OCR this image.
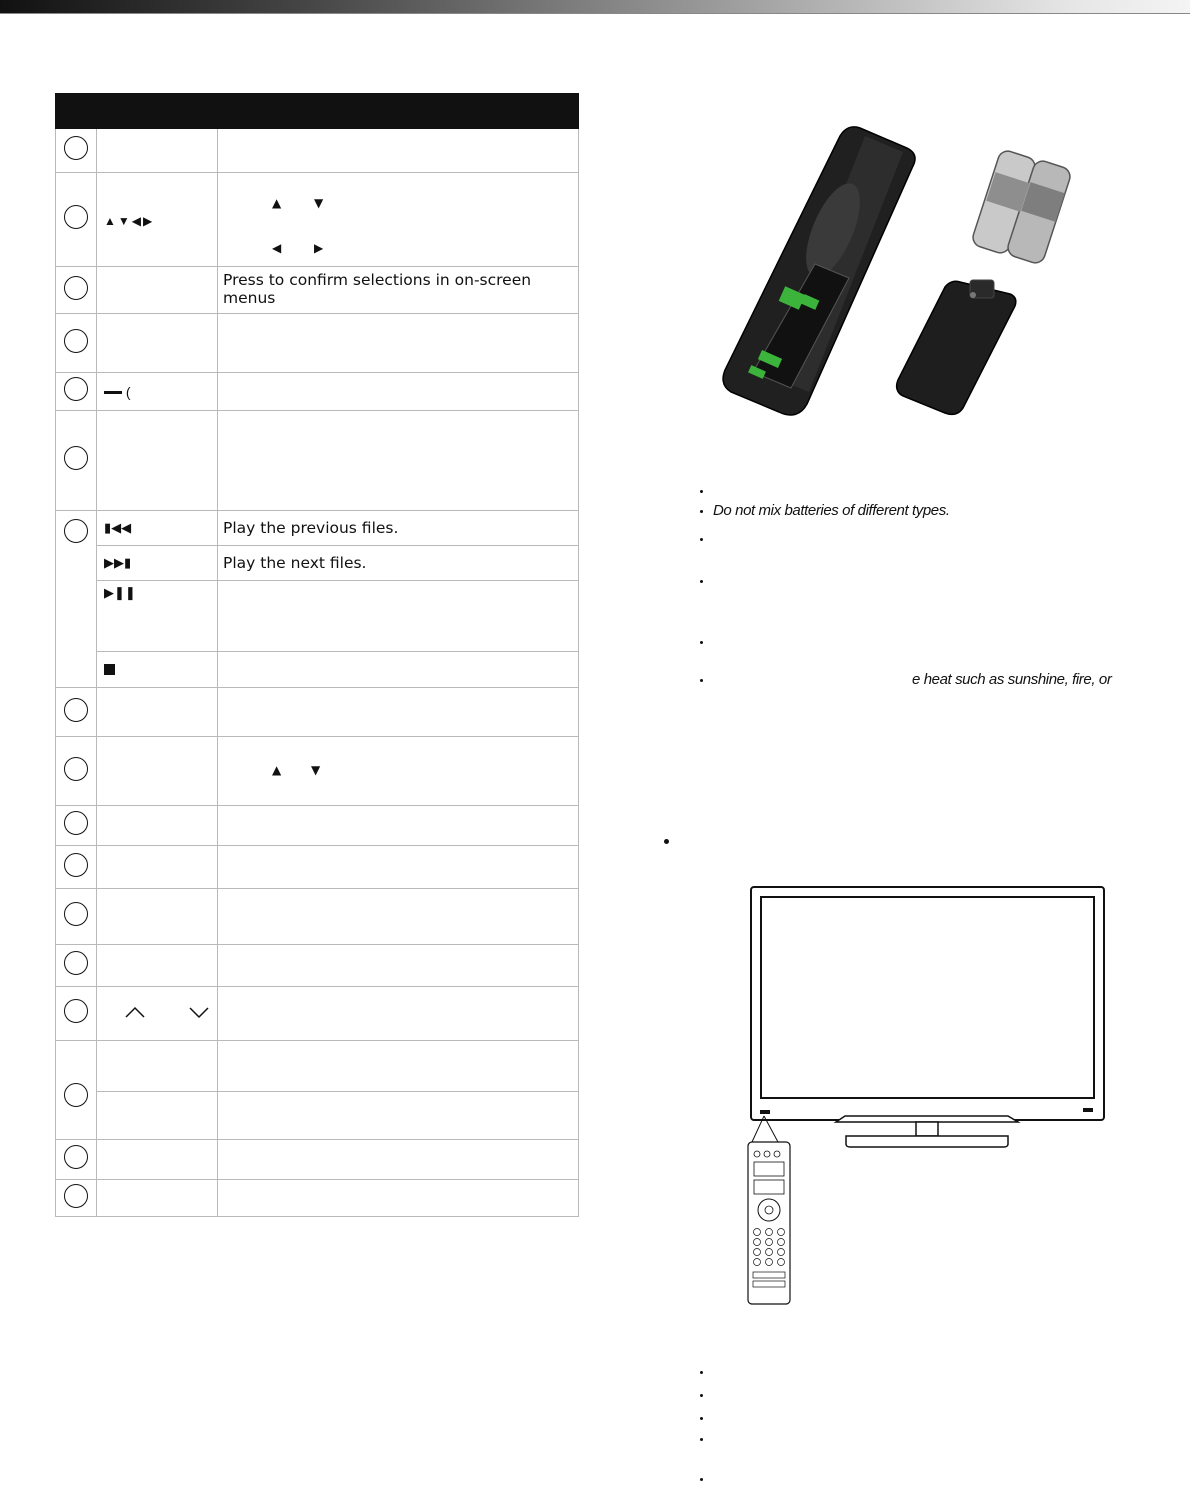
	▲▼◀▶	▲ ▼
◀ ▶

		Press to confirm selections in on-screen menus

	(	

	▮◀◀	Play the previous files.
	▶▶▮	Play the next files.
	▶❚❚	

		▲ ▼

Do not mix batteries of different types.
e heat such as sunshine, fire, or
